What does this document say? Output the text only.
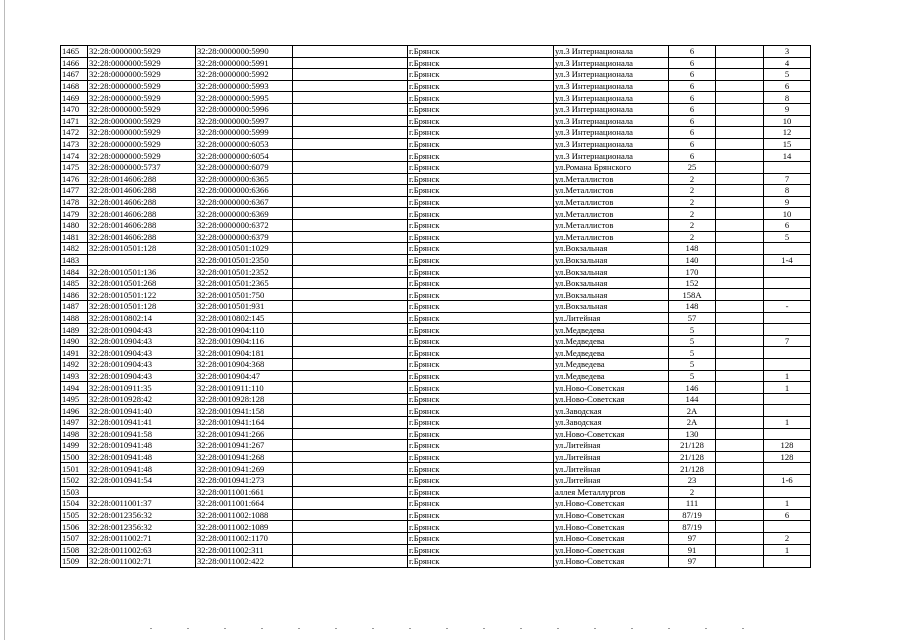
1465	32:28:0000000:5929	32:28:0000000:5990		г.Брянск	ул.3 Интернационала	6		3
1466	32:28:0000000:5929	32:28:0000000:5991		г.Брянск	ул.3 Интернационала	6		4
1467	32:28:0000000:5929	32:28:0000000:5992		г.Брянск	ул.3 Интернационала	6		5
1468	32:28:0000000:5929	32:28:0000000:5993		г.Брянск	ул.3 Интернационала	6		6
1469	32:28:0000000:5929	32:28:0000000:5995		г.Брянск	ул.3 Интернационала	6		8
1470	32:28:0000000:5929	32:28:0000000:5996		г.Брянск	ул.3 Интернационала	6		9
1471	32:28:0000000:5929	32:28:0000000:5997		г.Брянск	ул.3 Интернационала	6		10
1472	32:28:0000000:5929	32:28:0000000:5999		г.Брянск	ул.3 Интернационала	6		12
1473	32:28:0000000:5929	32:28:0000000:6053		г.Брянск	ул.3 Интернационала	6		15
1474	32:28:0000000:5929	32:28:0000000:6054		г.Брянск	ул.3 Интернационала	6		14
1475	32:28:0000000:5737	32:28:0000000:6079		г.Брянск	ул.Романа Брянского	25		
1476	32:28:0014606:288	32:28:0000000:6365		г.Брянск	ул.Металлистов	2		7
1477	32:28:0014606:288	32:28:0000000:6366		г.Брянск	ул.Металлистов	2		8
1478	32:28:0014606:288	32:28:0000000:6367		г.Брянск	ул.Металлистов	2		9
1479	32:28:0014606:288	32:28:0000000:6369		г.Брянск	ул.Металлистов	2		10
1480	32:28:0014606:288	32:28:0000000:6372		г.Брянск	ул.Металлистов	2		6
1481	32:28:0014606:288	32:28:0000000:6379		г.Брянск	ул.Металлистов	2		5
1482	32:28:0010501:128	32:28:0010501:1029		г.Брянск	ул.Вокзальная	148		
1483		32:28:0010501:2350		г.Брянск	ул.Вокзальная	140		1-4
1484	32:28:0010501:136	32:28:0010501:2352		г.Брянск	ул.Вокзальная	170		
1485	32:28:0010501:268	32:28:0010501:2365		г.Брянск	ул.Вокзальная	152		
1486	32:28:0010501:122	32:28:0010501:750		г.Брянск	ул.Вокзальная	158А		
1487	32:28:0010501:128	32:28:0010501:931		г.Брянск	ул.Вокзальная	148		-
1488	32:28:0010802:14	32:28:0010802:145		г.Брянск	ул.Литейная	57		
1489	32:28:0010904:43	32:28:0010904:110		г.Брянск	ул.Медведева	5		
1490	32:28:0010904:43	32:28:0010904:116		г.Брянск	ул.Медведева	5		7
1491	32:28:0010904:43	32:28:0010904:181		г.Брянск	ул.Медведева	5		
1492	32:28:0010904:43	32:28:0010904:368		г.Брянск	ул.Медведева	5		
1493	32:28:0010904:43	32:28:0010904:47		г.Брянск	ул.Медведева	5		1
1494	32:28:0010911:35	32:28:0010911:110		г.Брянск	ул.Ново-Советская	146		1
1495	32:28:0010928:42	32:28:0010928:128		г.Брянск	ул.Ново-Советская	144		
1496	32:28:0010941:40	32:28:0010941:158		г.Брянск	ул.Заводская	2А		
1497	32:28:0010941:41	32:28:0010941:164		г.Брянск	ул.Заводская	2А		1
1498	32:28:0010941:58	32:28:0010941:266		г.Брянск	ул.Ново-Советская	130		
1499	32:28:0010941:48	32:28:0010941:267		г.Брянск	ул.Литейная	21/128		128
1500	32:28:0010941:48	32:28:0010941:268		г.Брянск	ул.Литейная	21/128		128
1501	32:28:0010941:48	32:28:0010941:269		г.Брянск	ул.Литейная	21/128		
1502	32:28:0010941:54	32:28:0010941:273		г.Брянск	ул.Литейная	23		1-6
1503		32:28:0011001:661		г.Брянск	аллея Металлургов	2		
1504	32:28:0011001:37	32:28:0011001:664		г.Брянск	ул.Ново-Советская	111		1
1505	32:28:0012356:32	32:28:0011002:1088		г.Брянск	ул.Ново-Советская	87/19		6
1506	32:28:0012356:32	32:28:0011002:1089		г.Брянск	ул.Ново-Советская	87/19		
1507	32:28:0011002:71	32:28:0011002:1170		г.Брянск	ул.Ново-Советская	97		2
1508	32:28:0011002:63	32:28:0011002:311		г.Брянск	ул.Ново-Советская	91		1
1509	32:28:0011002:71	32:28:0011002:422		г.Брянск	ул.Ново-Советская	97		
